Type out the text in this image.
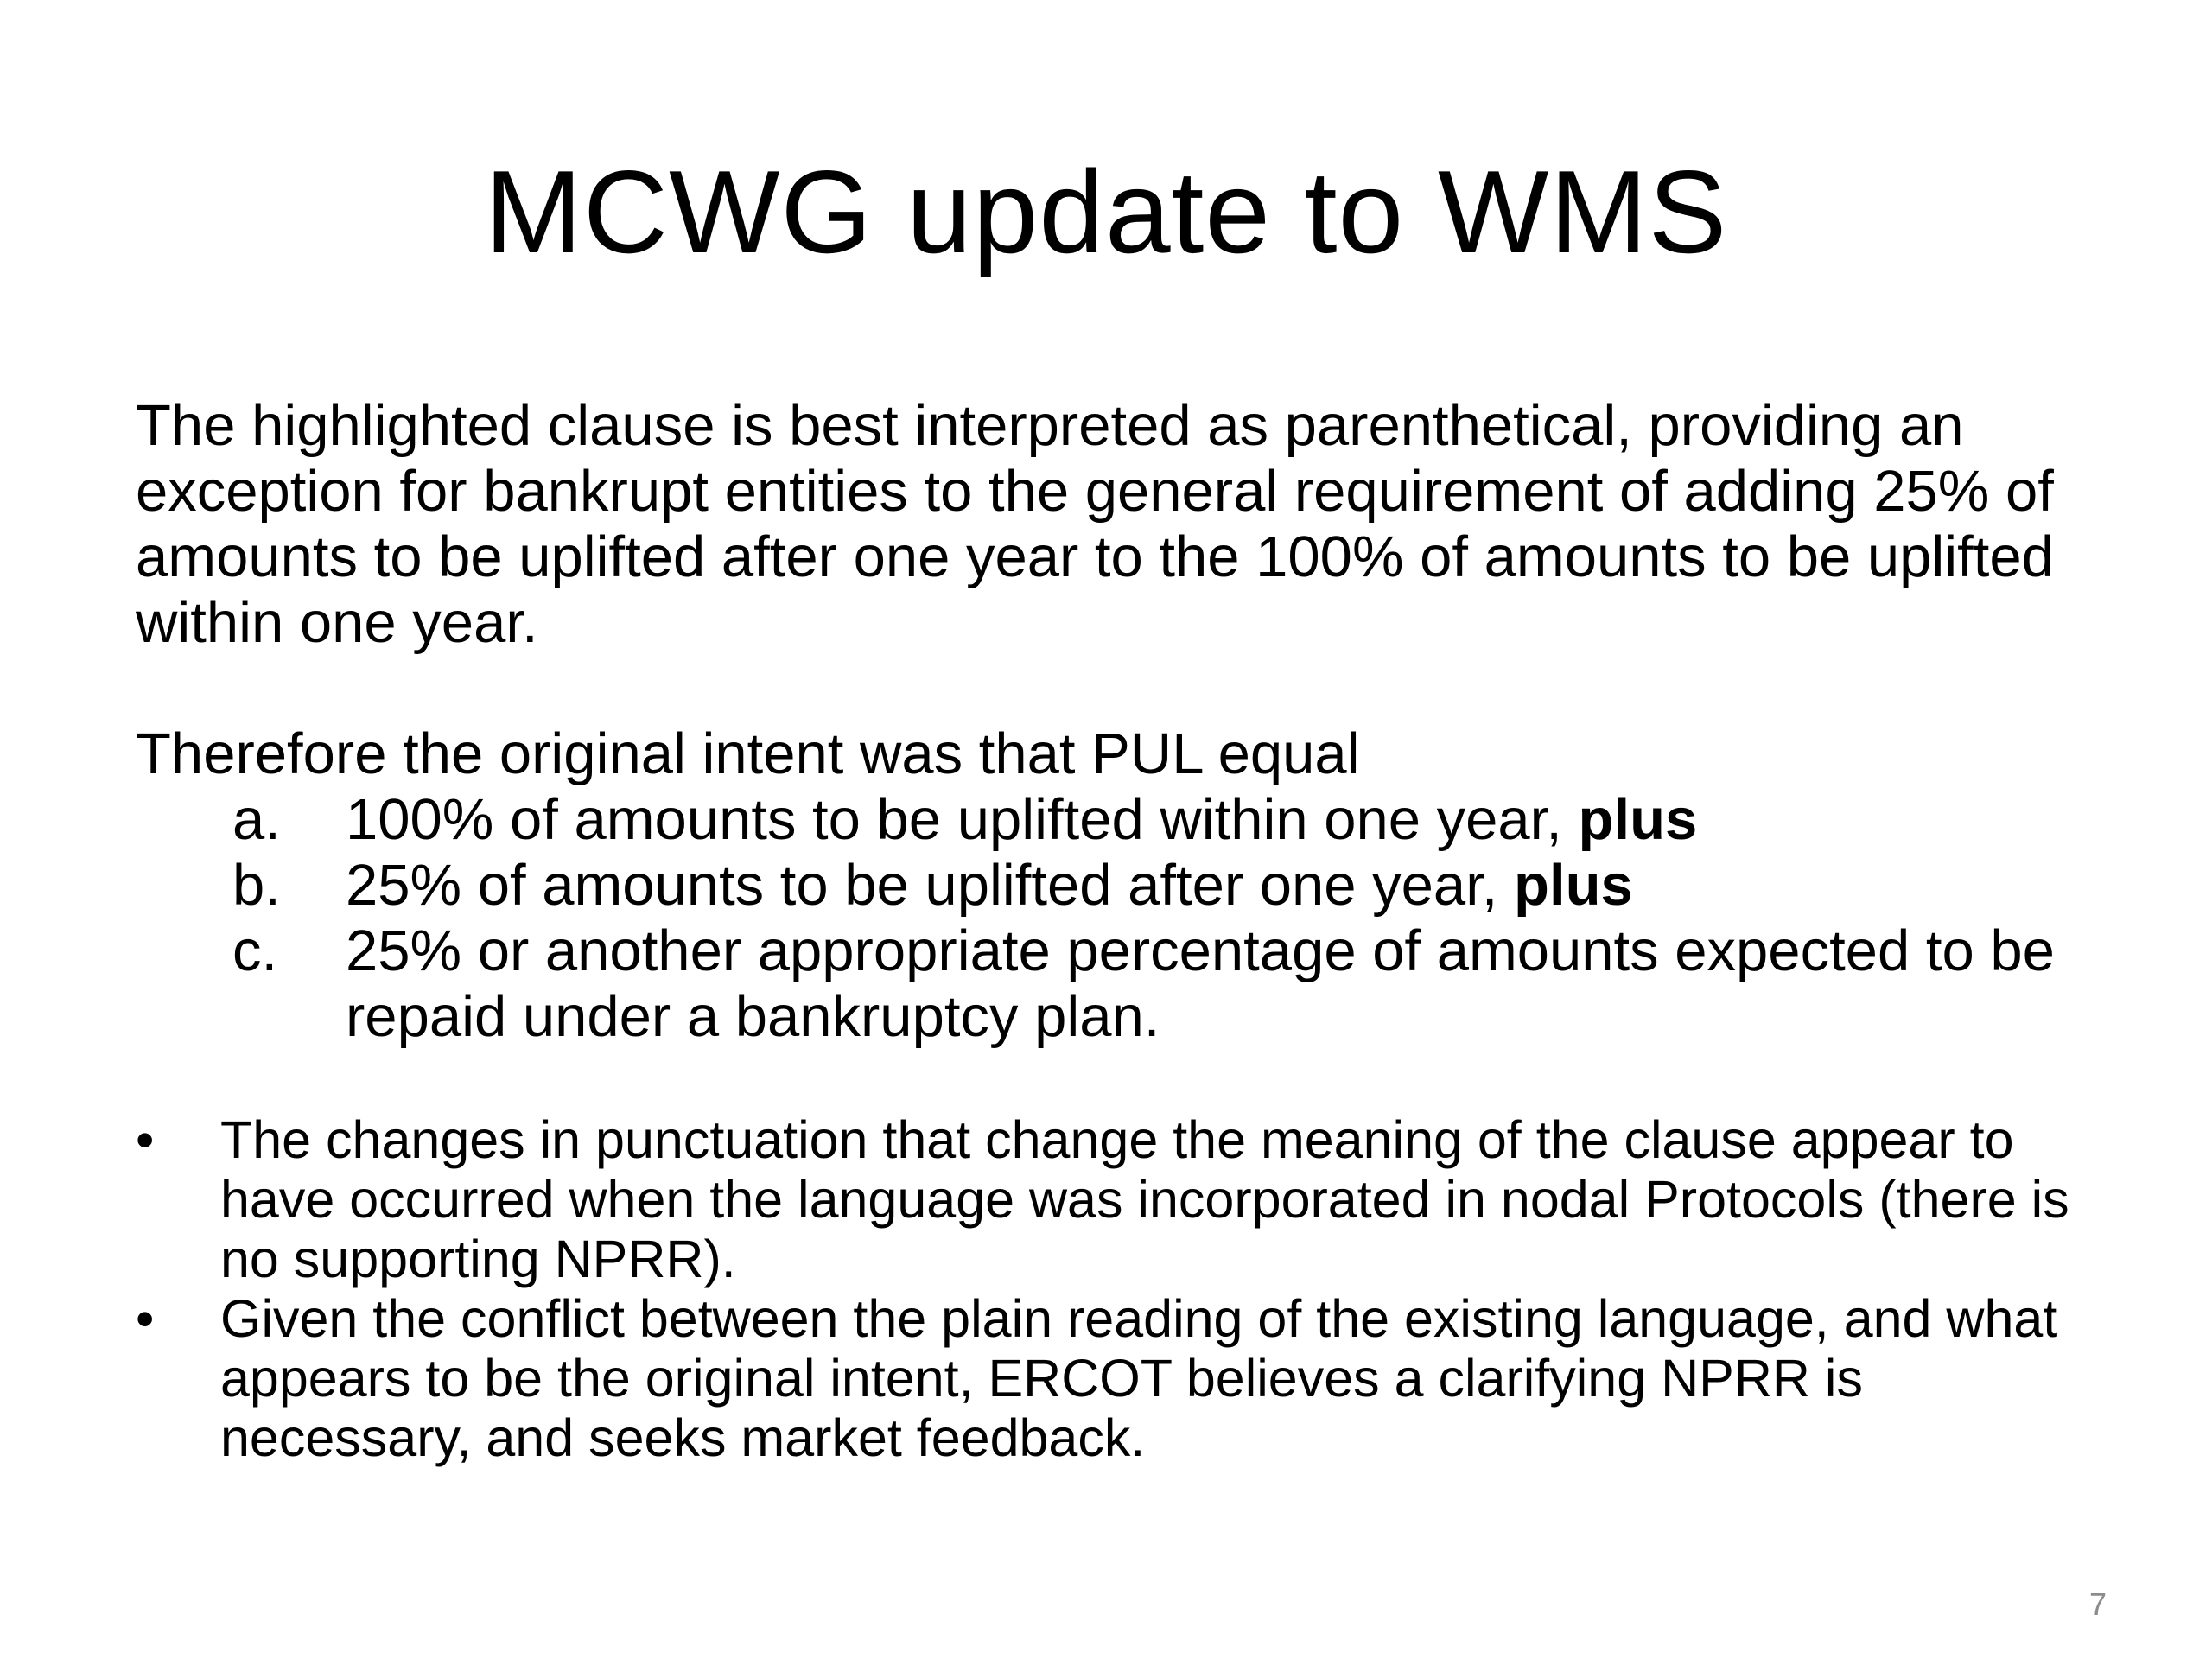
MCWG update to WMS

The highlighted clause is best interpreted as parenthetical, providing an exception for bankrupt entities to the general requirement of adding 25% of amounts to be uplifted after one year to the 100% of amounts to be uplifted within one year.

Therefore the original intent was that PUL equal

a. 100% of amounts to be uplifted within one year, plus
b. 25% of amounts to be uplifted after one year, plus
c. 25% or another appropriate percentage of amounts expected to be repaid under a bankruptcy plan.
• The changes in punctuation that change the meaning of the clause appear to have occurred when the language was incorporated in nodal Protocols (there is no supporting NPRR).
• Given the conflict between the plain reading of the existing language, and what appears to be the original intent, ERCOT believes a clarifying NPRR is necessary, and seeks market feedback.
7
